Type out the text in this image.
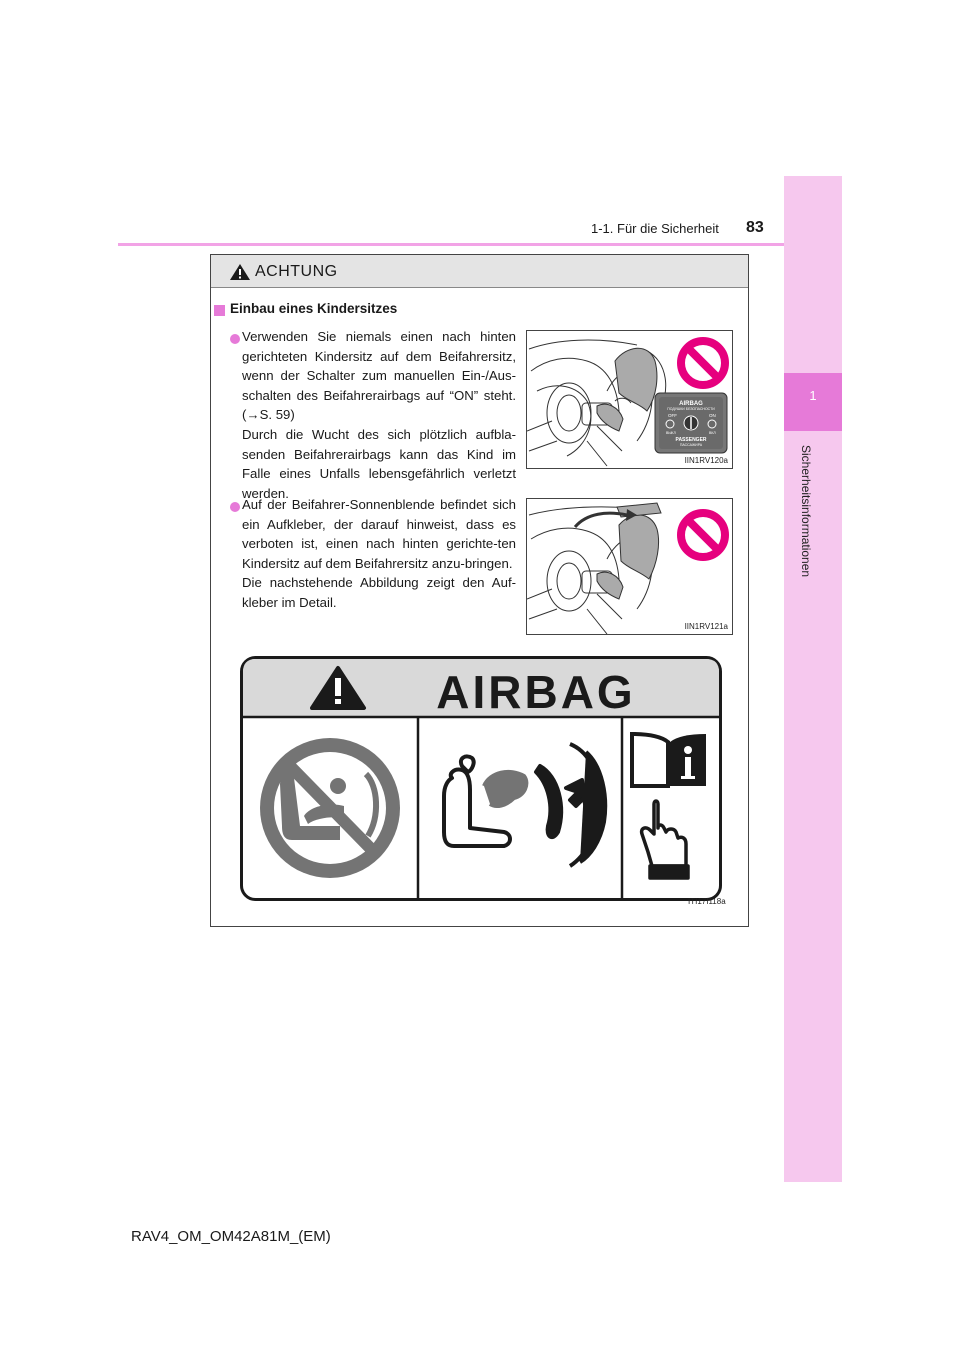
1-1. Für die Sicherheit 83
1
Sicherheitsinformationen
ACHTUNG
Einbau eines Kindersitzes
Verwenden Sie niemals einen nach hinten gerichteten Kindersitz auf dem Beifahrersitz, wenn der Schalter zum manuellen Ein-/Aus-schalten des Beifahrerairbags auf “ON” steht. (→S. 59)
Durch die Wucht des sich plötzlich aufbla-senden Beifahrerairbags kann das Kind im Falle eines Unfalls lebensgefährlich verletzt werden.
AIRBAG
ПОДУШКИ БЕЗОПАСНОСТИ
OFF	ON
ВЫКЛ	ВКЛ
PASSENGER
ПАССАЖИРА
IIN1RV120a
Auf der Beifahrer-Sonnenblende befindet sich ein Aufkleber, der darauf hinweist, dass es verboten ist, einen nach hinten gerichte-ten Kindersitz auf dem Beifahrersitz anzu-bringen.
Die nachstehende Abbildung zeigt den Auf-kleber im Detail.
IIN1RV121a
AIRBAG
ITI17I118a
RAV4_OM_OM42A81M_(EM)
